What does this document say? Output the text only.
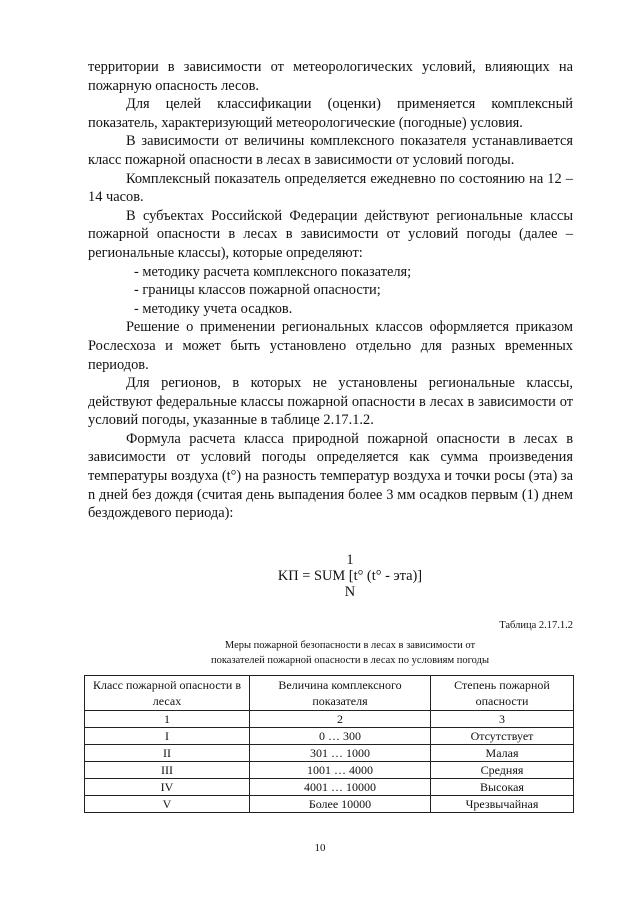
территории в зависимости от метеорологических условий, влияющих на пожарную опасность лесов.

Для целей классификации (оценки) применяется комплексный показатель, характеризующий метеорологические (погодные) условия.

В зависимости от величины комплексного показателя устанавливается класс пожарной опасности в лесах в зависимости от условий погоды.

Комплексный показатель определяется ежедневно по состоянию на 12 – 14 часов.

В субъектах Российской Федерации действуют региональные классы пожарной опасности в лесах в зависимости от условий погоды (далее – региональные классы), которые определяют:

- методику расчета комплексного показателя;

- границы классов пожарной опасности;

- методику учета осадков.

Решение о применении региональных классов оформляется приказом Рослесхоза и может быть установлено отдельно для разных временных периодов.

Для регионов, в которых не установлены региональные классы, действуют федеральные классы пожарной опасности в лесах в зависимости от условий погоды, указанные в таблице 2.17.1.2.

Формула расчета класса природной пожарной опасности в лесах в зависимости от условий погоды определяется как сумма произведения температуры воздуха (t°) на разность температур воздуха и точки росы (эта) за n дней без дождя (считая день выпадения более 3 мм осадков первым (1) днем бездождевого периода):

1
KП = SUM [t° (t° - эта)]
N
Таблица 2.17.1.2
Меры пожарной безопасности в лесах в зависимости от
показателей пожарной опасности в лесах по условиям погоды
Класс пожарной опасности в лесах	Величина комплексного показателя	Степень пожарной опасности
1	2	3
I	0 … 300	Отсутствует
II	301 … 1000	Малая
III	1001 … 4000	Средняя
IV	4001 … 10000	Высокая
V	Более 10000	Чрезвычайная
10
